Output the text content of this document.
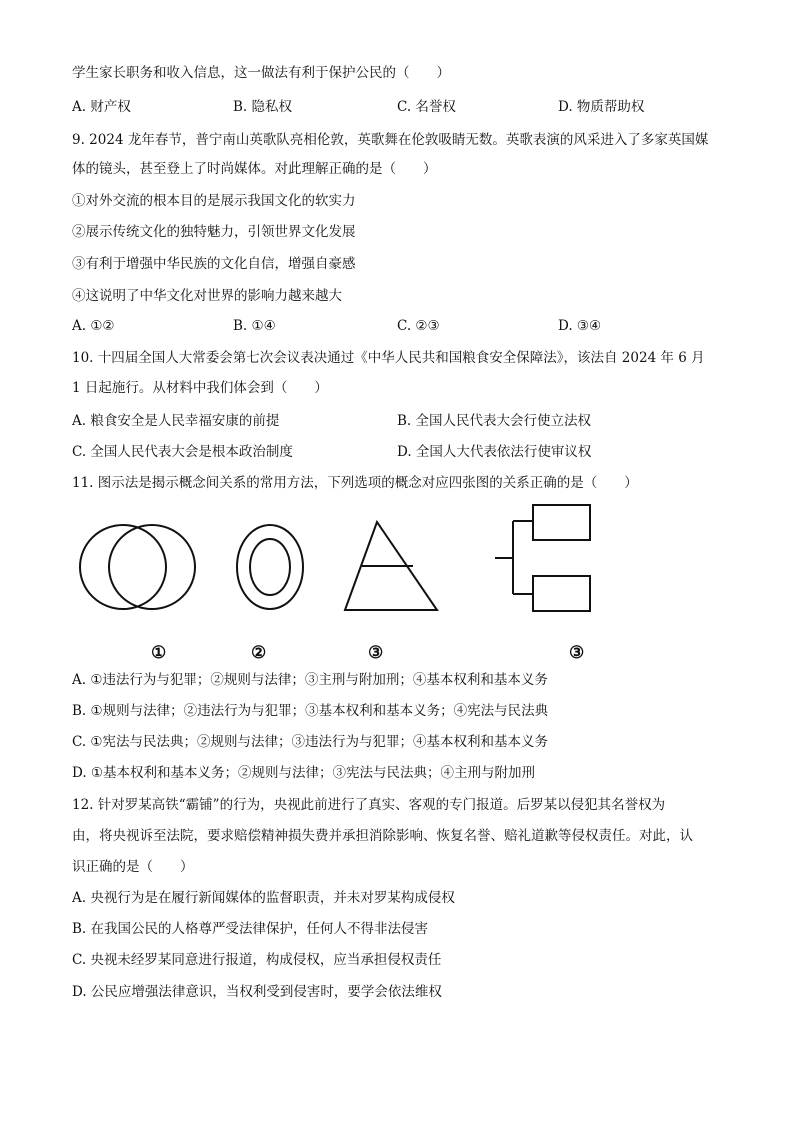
学生家长职务和收入信息，这一做法有利于保护公民的（　　）
A. 财产权	B. 隐私权	C. 名誉权	D. 物质帮助权
9. 2024 龙年春节，普宁南山英歌队亮相伦敦，英歌舞在伦敦吸睛无数。英歌表演的风采进入了多家英国媒
体的镜头，甚至登上了时尚媒体。对此理解正确的是（　　）
①对外交流的根本目的是展示我国文化的软实力
②展示传统文化的独特魅力，引领世界文化发展
③有利于增强中华民族的文化自信，增强自豪感
④这说明了中华文化对世界的影响力越来越大
A. ①②	B. ①④	C. ②③	D. ③④
10. 十四届全国人大常委会第七次会议表决通过《中华人民共和国粮食安全保障法》，该法自 2024 年 6 月
1 日起施行。从材料中我们体会到（　　）
A. 粮食安全是人民幸福安康的前提	B. 全国人民代表大会行使立法权
C. 全国人民代表大会是根本政治制度	D. 全国人大代表依法行使审议权
11. 图示法是揭示概念间关系的常用方法，下列选项的概念对应四张图的关系正确的是（　　）
①	②	③	③
A. ①违法行为与犯罪；②规则与法律；③主刑与附加刑；④基本权利和基本义务
B. ①规则与法律；②违法行为与犯罪；③基本权利和基本义务；④宪法与民法典
C. ①宪法与民法典；②规则与法律；③违法行为与犯罪；④基本权利和基本义务
D. ①基本权利和基本义务；②规则与法律；③宪法与民法典；④主刑与附加刑
12. 针对罗某高铁“霸铺”的行为，央视此前进行了真实、客观的专门报道。后罗某以侵犯其名誉权为
由，将央视诉至法院，要求赔偿精神损失费并承担消除影响、恢复名誉、赔礼道歉等侵权责任。对此，认
识正确的是（　　）
A. 央视行为是在履行新闻媒体的监督职责，并未对罗某构成侵权
B. 在我国公民的人格尊严受法律保护，任何人不得非法侵害
C. 央视未经罗某同意进行报道，构成侵权，应当承担侵权责任
D. 公民应增强法律意识，当权利受到侵害时，要学会依法维权
